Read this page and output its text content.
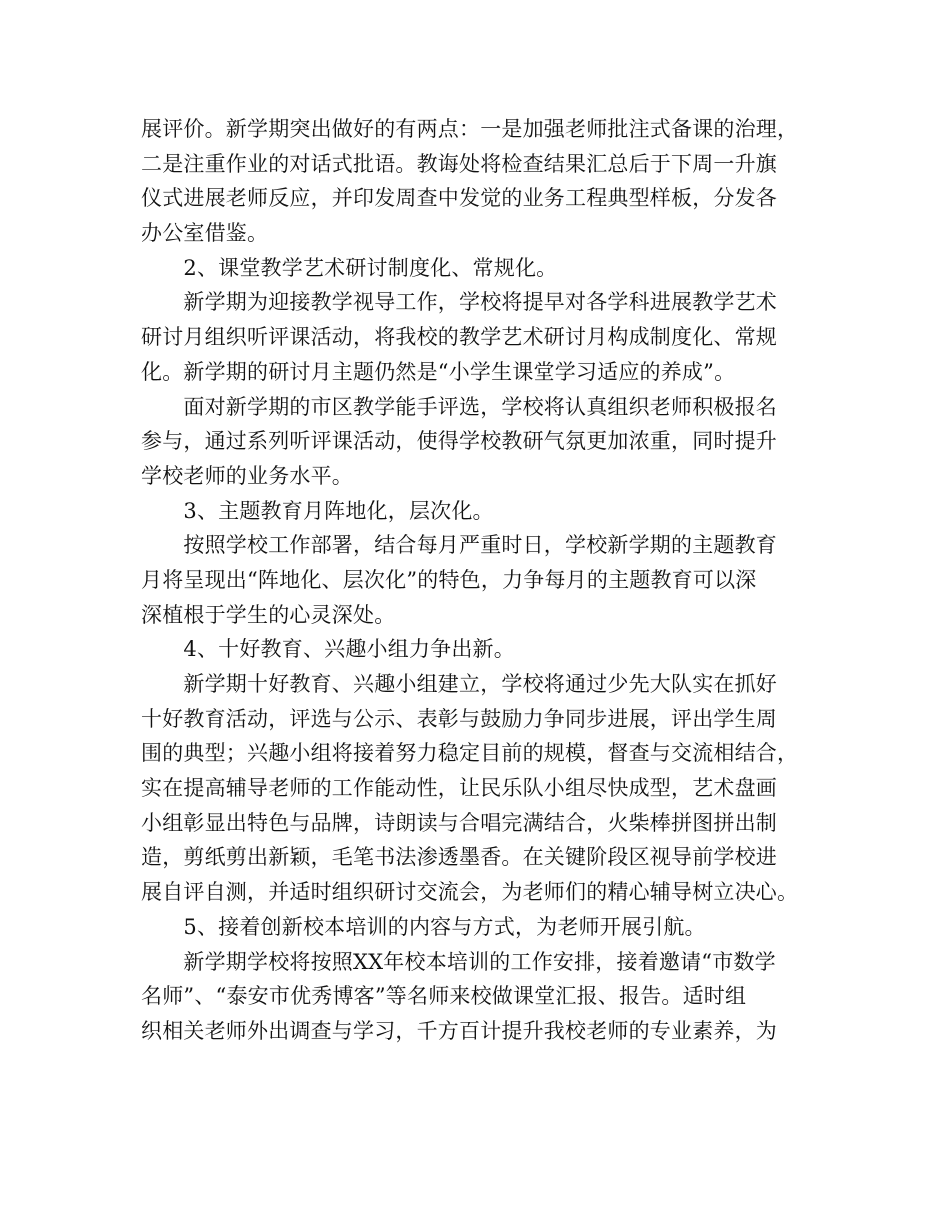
展评价。新学期突出做好的有两点：一是加强老师批注式备课的治理，
二是注重作业的对话式批语。教诲处将检查结果汇总后于下周一升旗
仪式进展老师反应，并印发周查中发觉的业务工程典型样板，分发各
办公室借鉴。
　　2、课堂教学艺术研讨制度化、常规化。
　　新学期为迎接教学视导工作，学校将提早对各学科进展教学艺术
研讨月组织听评课活动，将我校的教学艺术研讨月构成制度化、常规
化。新学期的研讨月主题仍然是“小学生课堂学习适应的养成”。
　　面对新学期的市区教学能手评选，学校将认真组织老师积极报名
参与，通过系列听评课活动，使得学校教研气氛更加浓重，同时提升
学校老师的业务水平。
　　3、主题教育月阵地化，层次化。
　　按照学校工作部署，结合每月严重时日，学校新学期的主题教育
月将呈现出“阵地化、层次化”的特色，力争每月的主题教育可以深
深植根于学生的心灵深处。
　　4、十好教育、兴趣小组力争出新。
　　新学期十好教育、兴趣小组建立，学校将通过少先大队实在抓好
十好教育活动，评选与公示、表彰与鼓励力争同步进展，评出学生周
围的典型；兴趣小组将接着努力稳定目前的规模，督查与交流相结合，
实在提高辅导老师的工作能动性，让民乐队小组尽快成型，艺术盘画
小组彰显出特色与品牌，诗朗读与合唱完满结合，火柴棒拼图拼出制
造，剪纸剪出新颖，毛笔书法渗透墨香。在关键阶段区视导前学校进
展自评自测，并适时组织研讨交流会，为老师们的精心辅导树立决心。
　　5、接着创新校本培训的内容与方式，为老师开展引航。
　　新学期学校将按照XX年校本培训的工作安排，接着邀请“市数学
名师”、“泰安市优秀博客”等名师来校做课堂汇报、报告。适时组
织相关老师外出调查与学习，千方百计提升我校老师的专业素养，为
